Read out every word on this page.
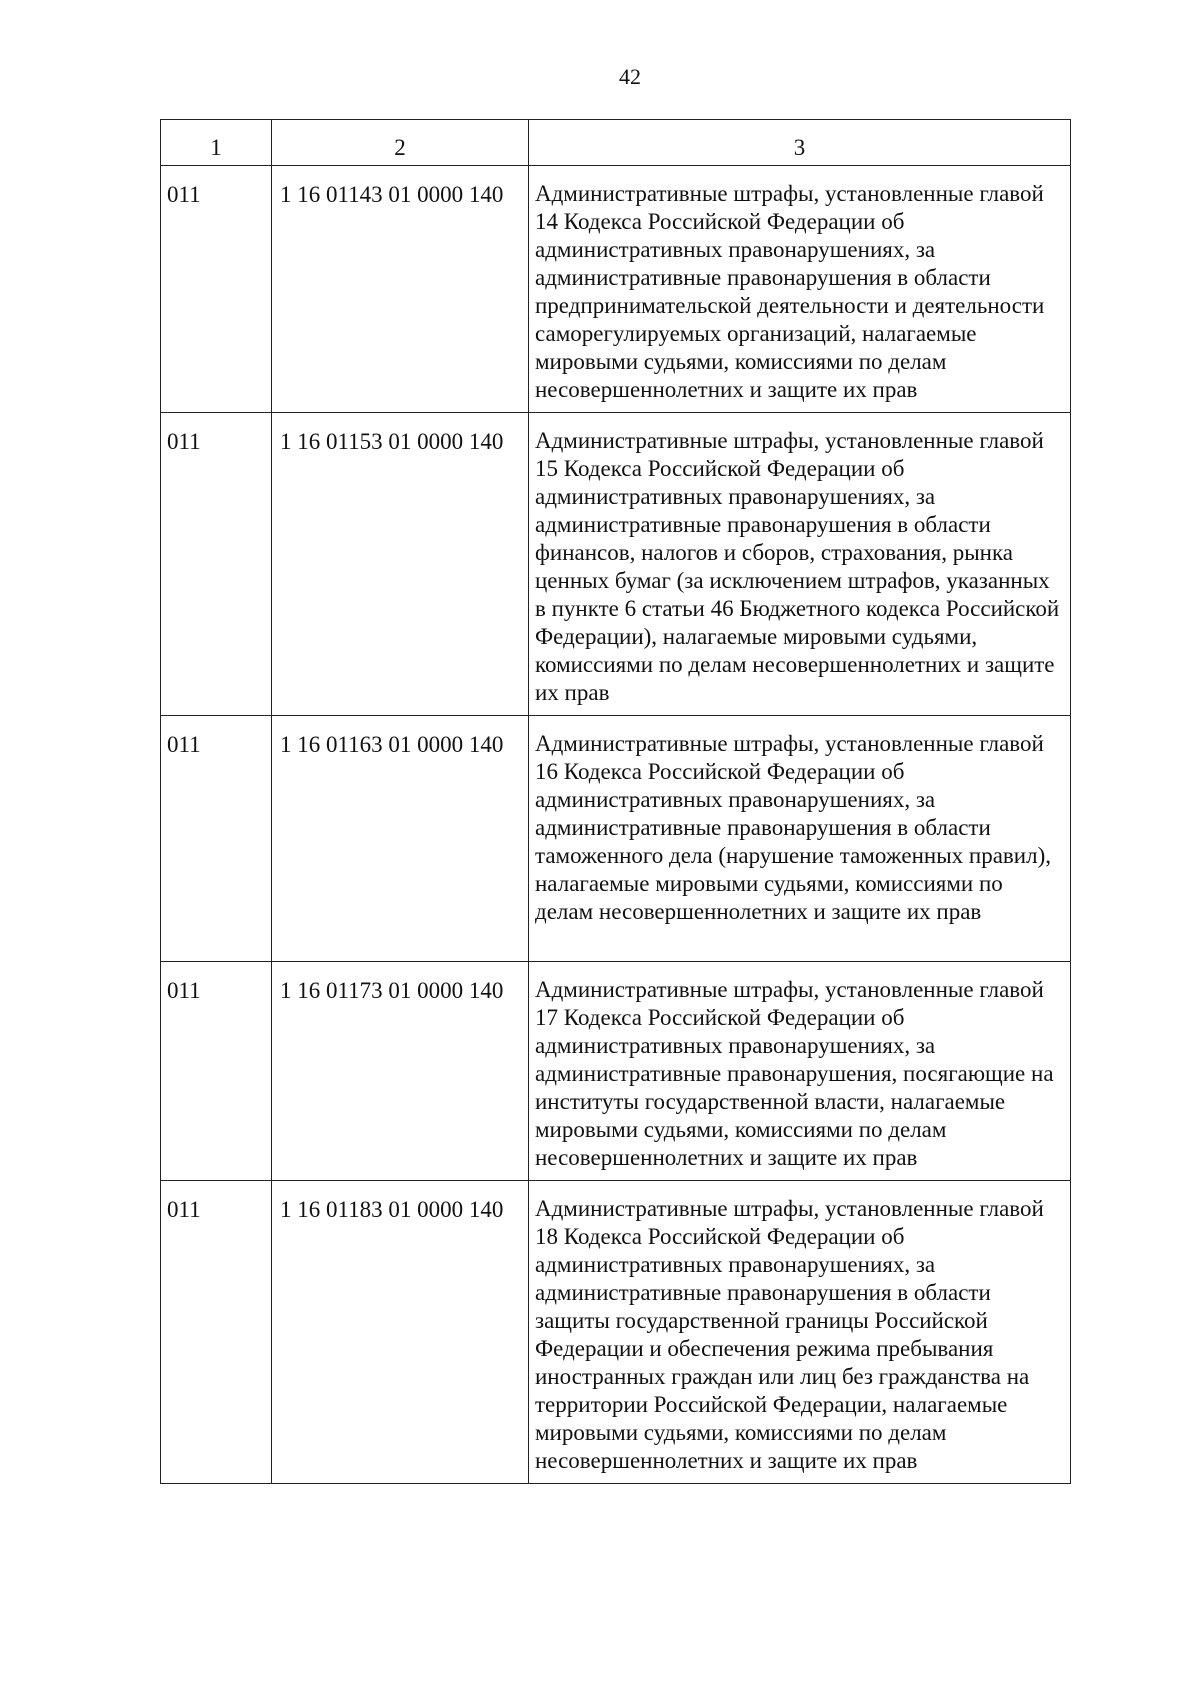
42
1	2	3
011	1 16 01143 01 0000 140	Административные штрафы, установленные главой 14 Кодекса Российской Федерации об административных правонарушениях, за административные правонарушения в области предпринимательской деятельности и деятельности саморегулируемых организаций, налагаемые мировыми судьями, комиссиями по делам несовершеннолетних и защите их прав
011	1 16 01153 01 0000 140	Административные штрафы, установленные главой 15 Кодекса Российской Федерации об административных правонарушениях, за административные правонарушения в области финансов, налогов и сборов, страхования, рынка ценных бумаг (за исключением штрафов, указанных в пункте 6 статьи 46 Бюджетного кодекса Российской Федерации), налагаемые мировыми судьями, комиссиями по делам несовершеннолетних и защите их прав
011	1 16 01163 01 0000 140	Административные штрафы, установленные главой 16 Кодекса Российской Федерации об административных правонарушениях, за административные правонарушения в области таможенного дела (нарушение таможенных правил), налагаемые мировыми судьями, комиссиями по делам несовершеннолетних и защите их прав
011	1 16 01173 01 0000 140	Административные штрафы, установленные главой 17 Кодекса Российской Федерации об административных правонарушениях, за административные правонарушения, посягающие на институты государственной власти, налагаемые мировыми судьями, комиссиями по делам несовершеннолетних и защите их прав
011	1 16 01183 01 0000 140	Административные штрафы, установленные главой 18 Кодекса Российской Федерации об административных правонарушениях, за административные правонарушения в области защиты государственной границы Российской Федерации и обеспечения режима пребывания иностранных граждан или лиц без гражданства на территории Российской Федерации, налагаемые мировыми судьями, комиссиями по делам несовершеннолетних и защите их прав
